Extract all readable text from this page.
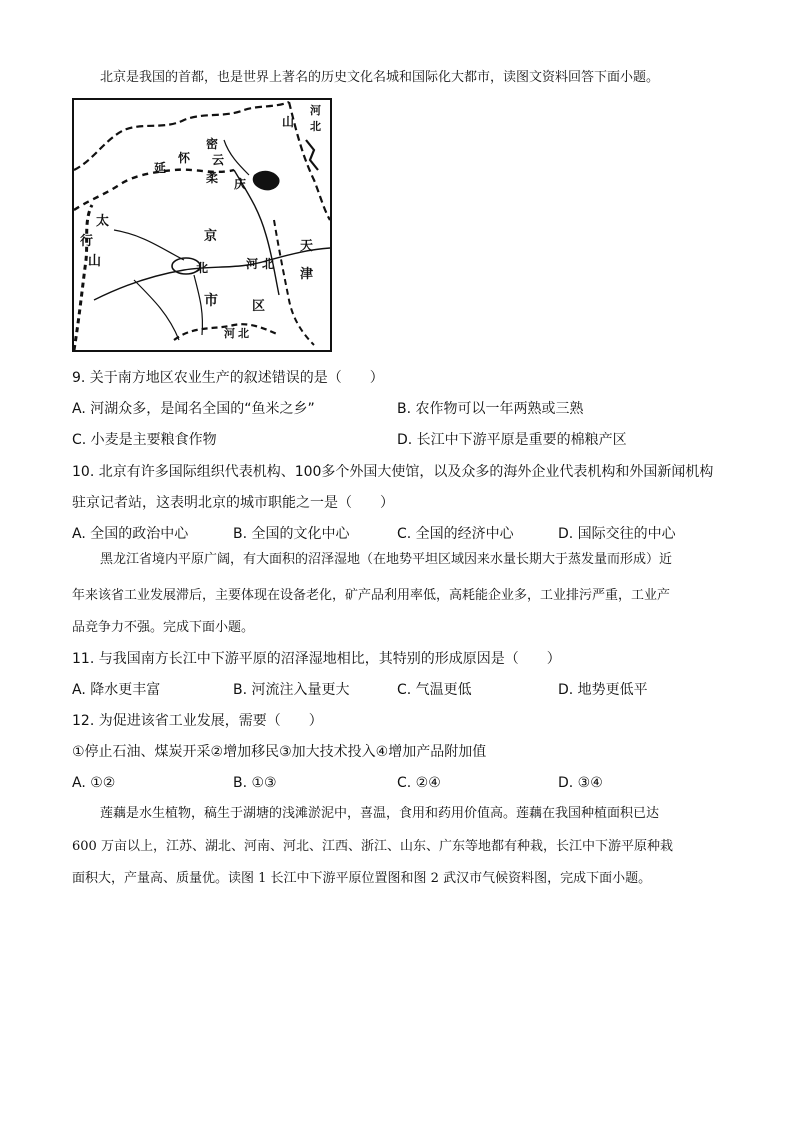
北京是我国的首都，也是世界上著名的历史文化名城和国际化大都市，读图文资料回答下面小题。

河
北
山
密
云
怀
柔
延
庆
太
行
山	北
京
天
津
河 北
市	区
河 北

9. 关于南方地区农业生产的叙述错误的是（　　）

A. 河湖众多，是闻名全国的“鱼米之乡”	B. 农作物可以一年两熟或三熟
C. 小麦是主要粮食作物	D. 长江中下游平原是重要的棉粮产区

10. 北京有许多国际组织代表机构、100多个外国大使馆，以及众多的海外企业代表机构和外国新闻机构

驻京记者站，这表明北京的城市职能之一是（　　）

A. 全国的政治中心	B. 全国的文化中心	C. 全国的经济中心	D. 国际交往的中心

黑龙江省境内平原广阔，有大面积的沼泽湿地（在地势平坦区域因来水量长期大于蒸发量而形成）近

年来该省工业发展滞后，主要体现在设备老化，矿产品利用率低，高耗能企业多，工业排污严重，工业产

品竞争力不强。完成下面小题。

11. 与我国南方长江中下游平原的沼泽湿地相比，其特别的形成原因是（　　）

A. 降水更丰富	B. 河流注入量更大	C. 气温更低	D. 地势更低平

12. 为促进该省工业发展，需要（　　）

①停止石油、煤炭开采②增加移民③加大技术投入④增加产品附加值

A. ①②	B. ①③	C. ②④	D. ③④

莲藕是水生植物，稿生于湖塘的浅滩淤泥中，喜温，食用和药用价值高。莲藕在我国种植面积已达

600 万亩以上，江苏、湖北、河南、河北、江西、浙江、山东、广东等地都有种栽，长江中下游平原种栽

面积大，产量高、质量优。读图 1 长江中下游平原位置图和图 2 武汉市气候资料图，完成下面小题。
